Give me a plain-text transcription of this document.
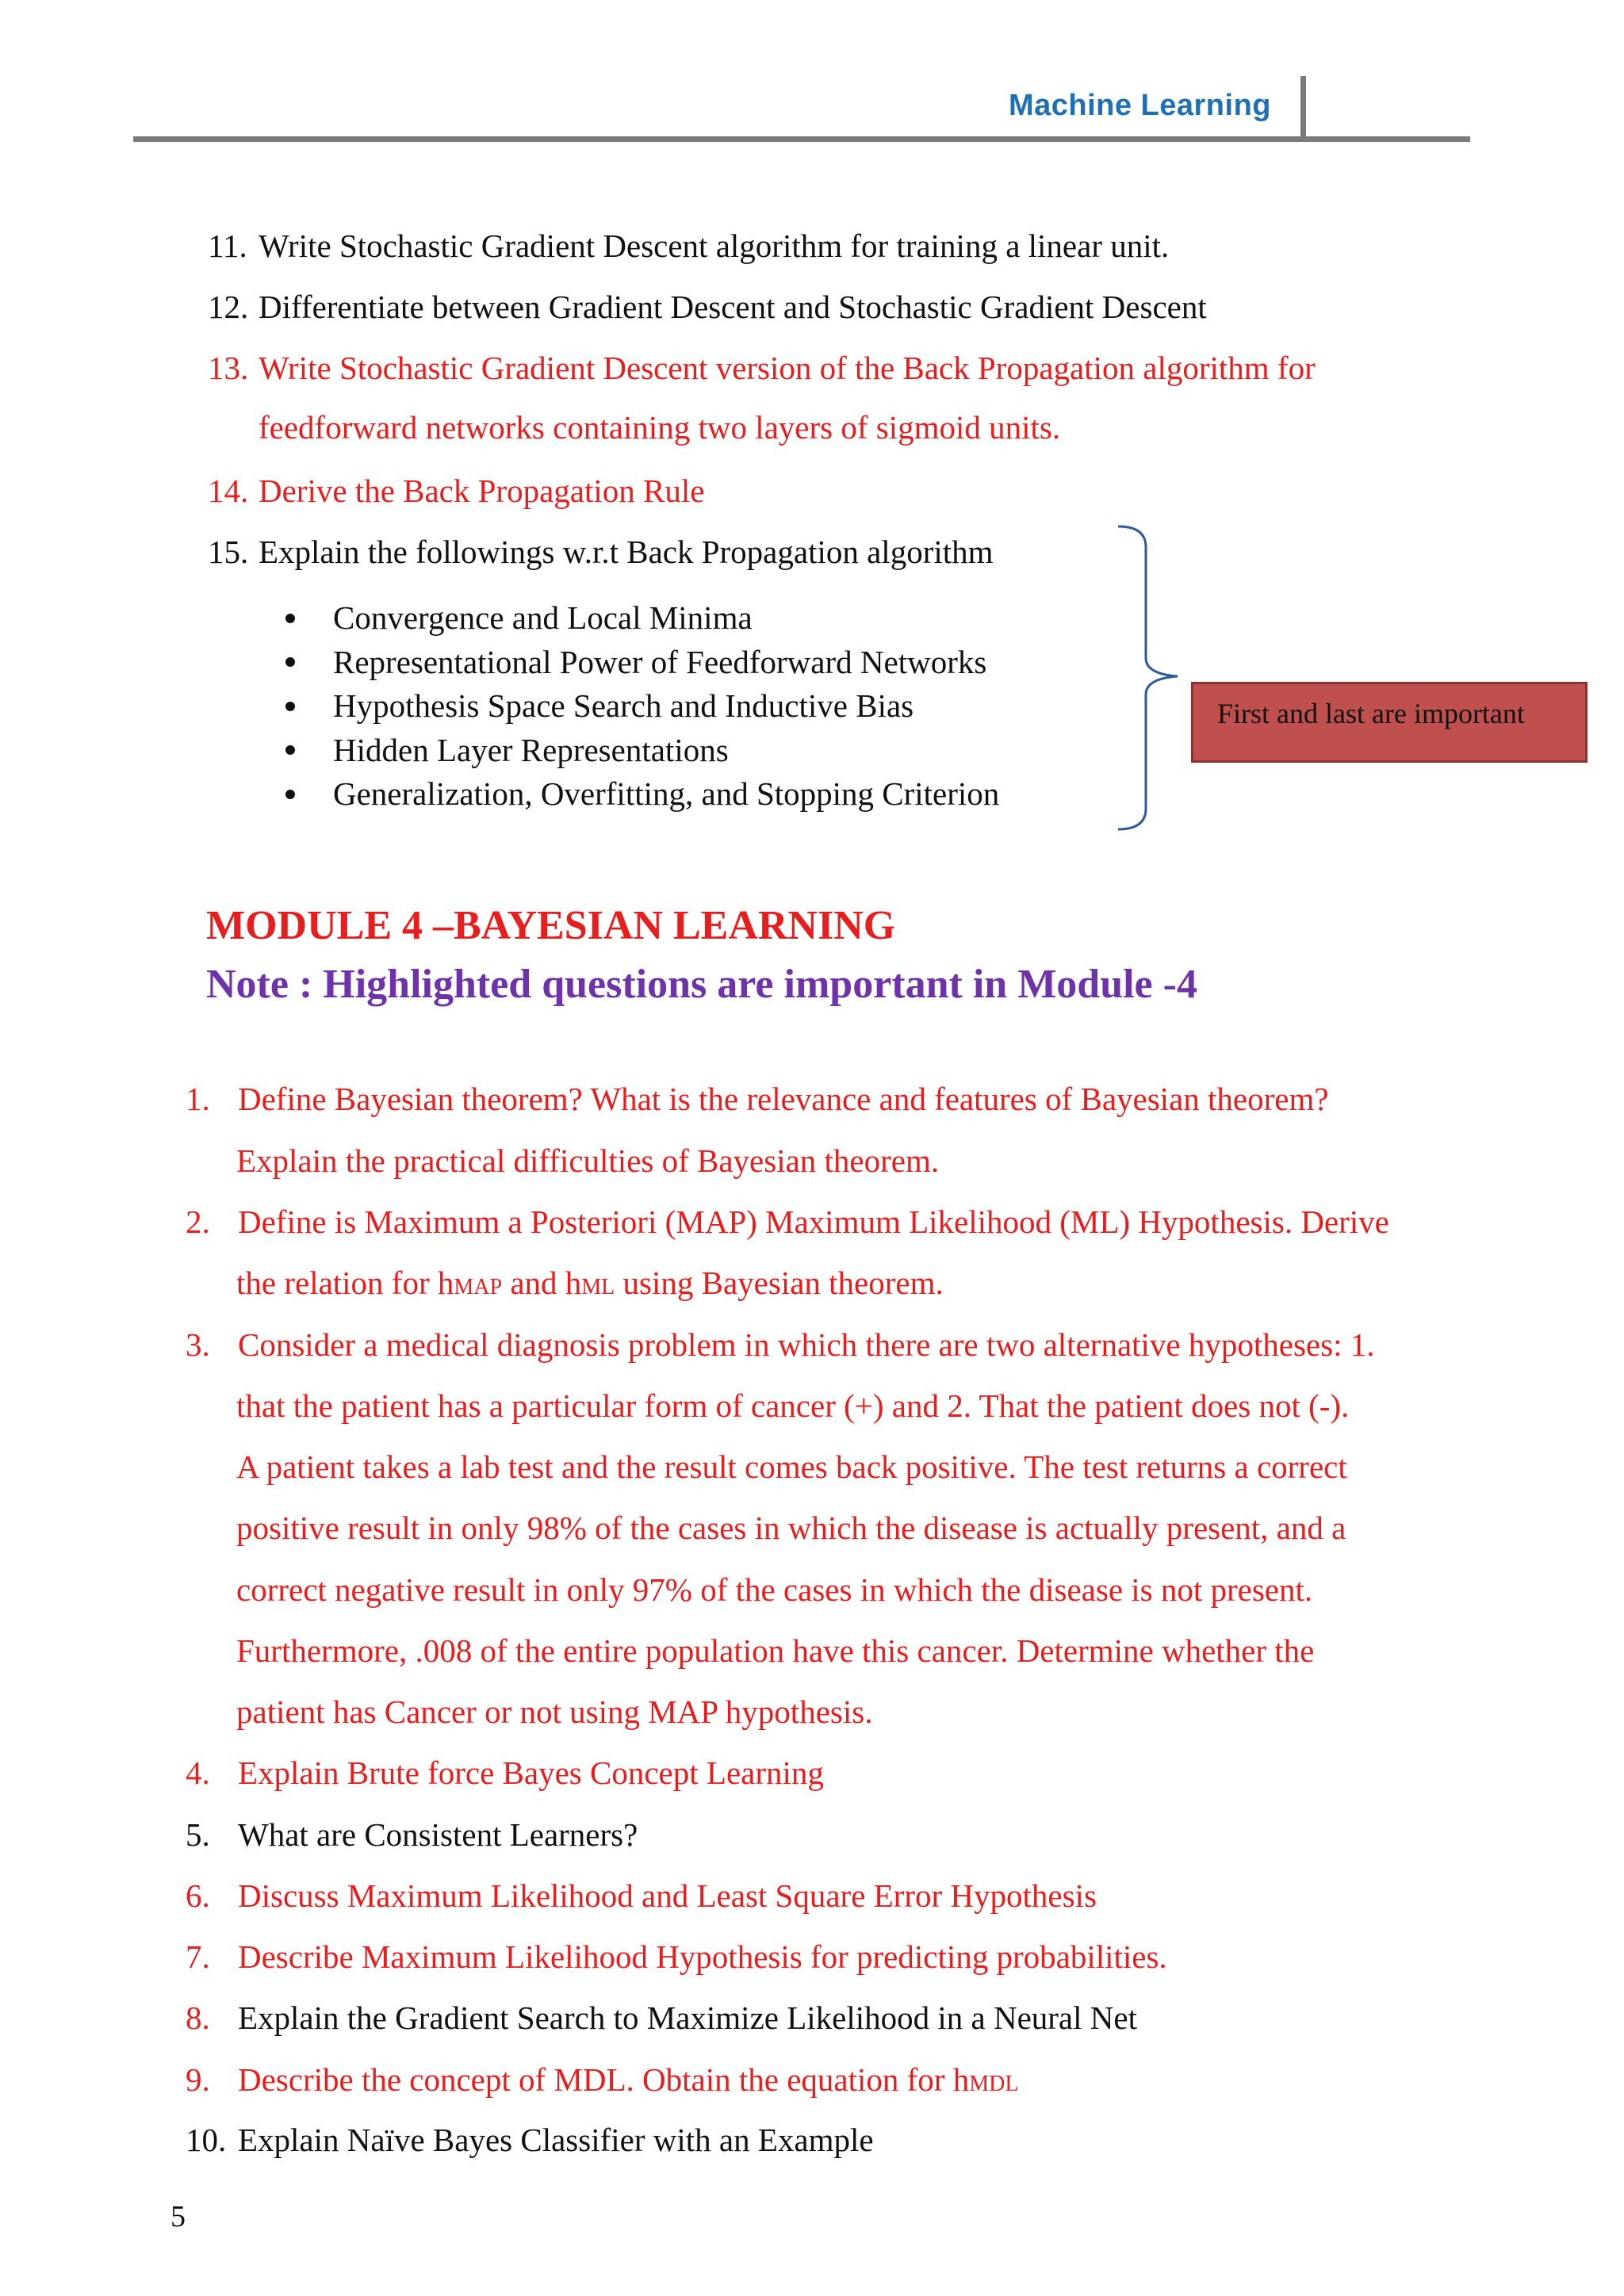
Machine Learning
11. Write Stochastic Gradient Descent algorithm for training a linear unit.
12. Differentiate between Gradient Descent and Stochastic Gradient Descent
13. Write Stochastic Gradient Descent version of the Back Propagation algorithm for
feedforward networks containing two layers of sigmoid units.
14. Derive the Back Propagation Rule
15. Explain the followings w.r.t Back Propagation algorithm
Convergence and Local Minima
Representational Power of Feedforward Networks
Hypothesis Space Search and Inductive Bias
Hidden Layer Representations
Generalization, Overfitting, and Stopping Criterion
First and last are important
MODULE 4 –BAYESIAN LEARNING
Note : Highlighted questions are important in Module -4
1. Define Bayesian theorem? What is the relevance and features of Bayesian theorem?
Explain the practical difficulties of Bayesian theorem.
2. Define is Maximum a Posteriori (MAP) Maximum Likelihood (ML) Hypothesis. Derive
the relation for hMAP and hML using Bayesian theorem.
3. Consider a medical diagnosis problem in which there are two alternative hypotheses: 1.
that the patient has a particular form of cancer (+) and 2. That the patient does not (-).
A patient takes a lab test and the result comes back positive. The test returns a correct
positive result in only 98% of the cases in which the disease is actually present, and a
correct negative result in only 97% of the cases in which the disease is not present.
Furthermore, .008 of the entire population have this cancer. Determine whether the
patient has Cancer or not using MAP hypothesis.
4. Explain Brute force Bayes Concept Learning
5. What are Consistent Learners?
6. Discuss Maximum Likelihood and Least Square Error Hypothesis
7. Describe Maximum Likelihood Hypothesis for predicting probabilities.
8. Explain the Gradient Search to Maximize Likelihood in a Neural Net
9. Describe the concept of MDL. Obtain the equation for hMDL
10. Explain Naïve Bayes Classifier with an Example
5
